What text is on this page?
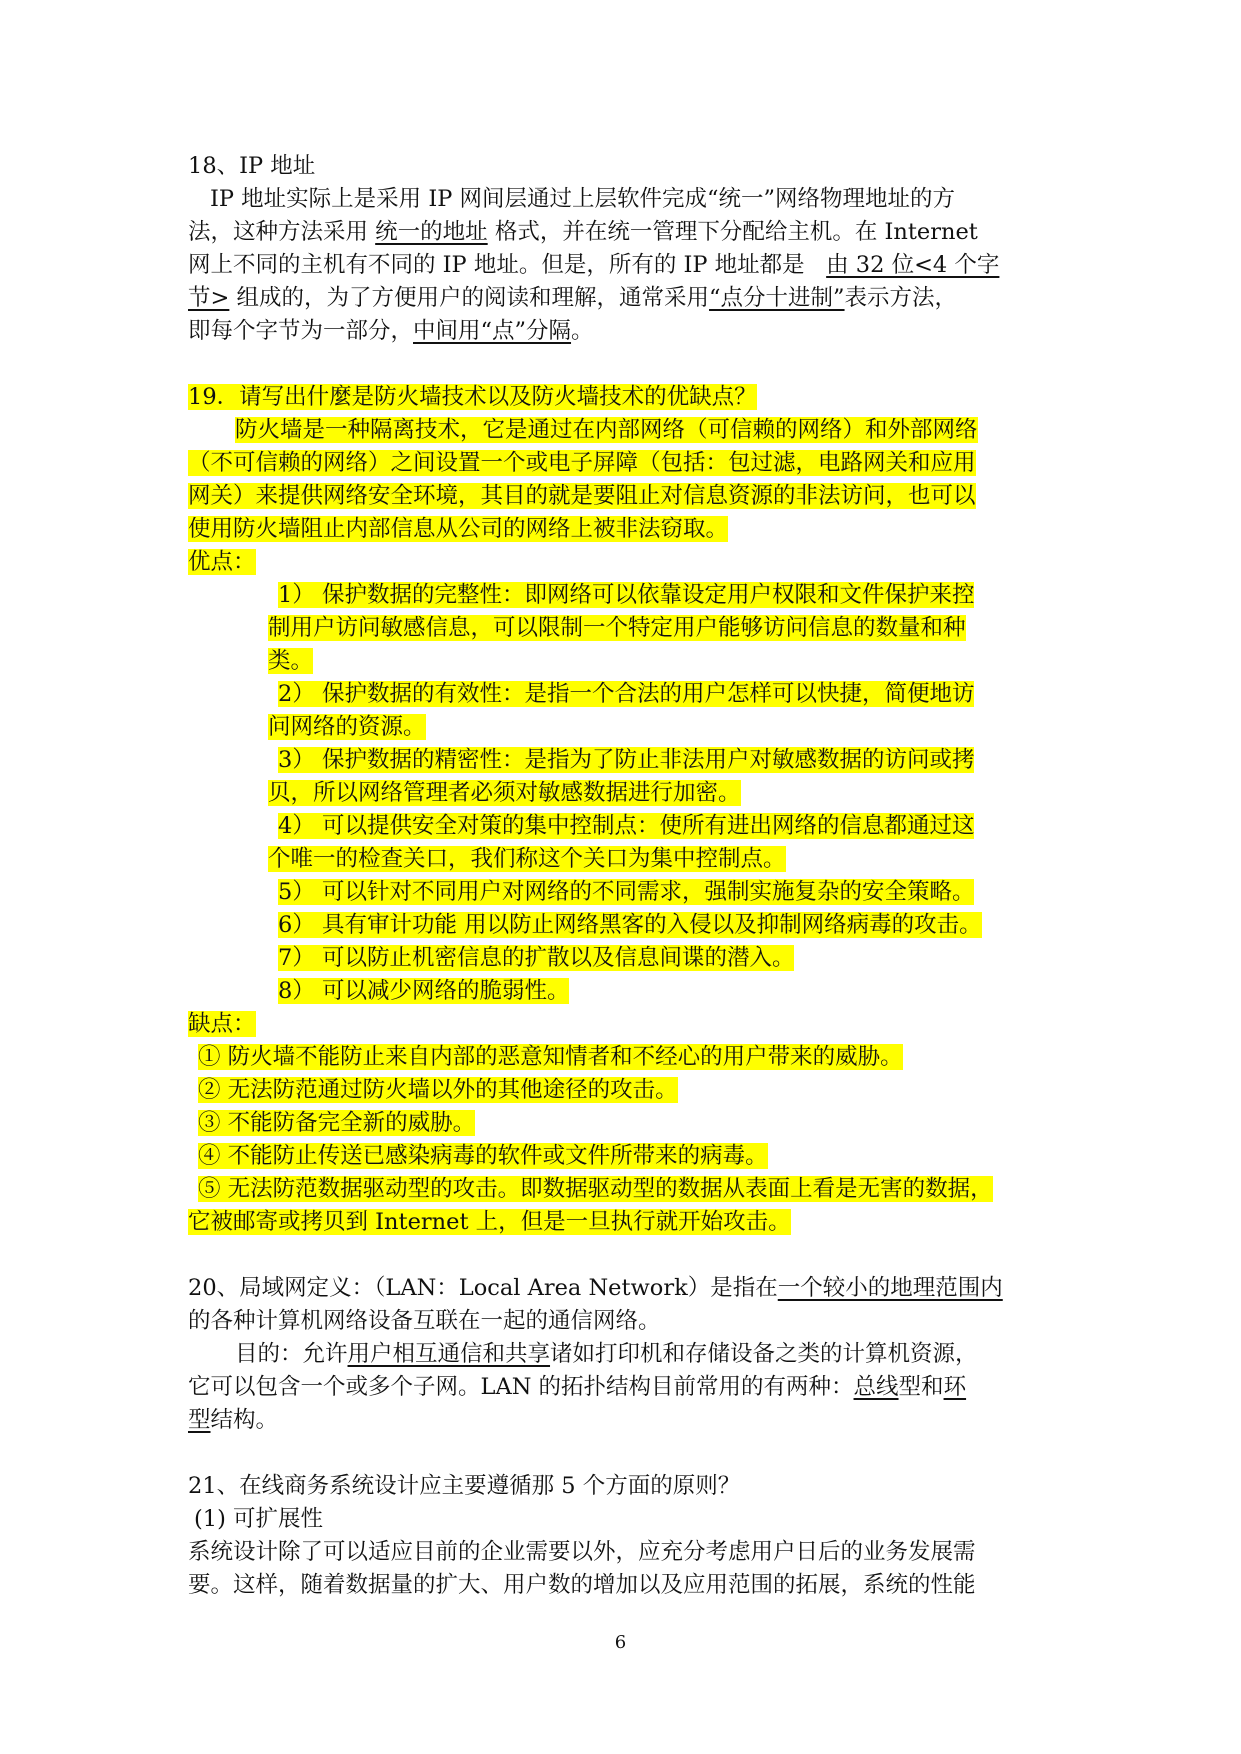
18、IP 地址
IP 地址实际上是采用 IP 网间层通过上层软件完成“统一”网络物理地址的方
法，这种方法采用 统一的地址 格式，并在统一管理下分配给主机。在 Internet
网上不同的主机有不同的 IP 地址。但是，所有的 IP 地址都是 由 32 位<4 个字
节> 组成的，为了方便用户的阅读和理解，通常采用“点分十进制”表示方法，
即每个字节为一部分，中间用“点”分隔。
19．请写出什麼是防火墙技术以及防火墙技术的优缺点？
防火墙是一种隔离技术，它是通过在内部网络（可信赖的网络）和外部网络
（不可信赖的网络）之间设置一个或电子屏障（包括：包过滤，电路网关和应用
网关）来提供网络安全环境，其目的就是要阻止对信息资源的非法访问，也可以
使用防火墙阻止内部信息从公司的网络上被非法窃取。
优点：
1） 保护数据的完整性：即网络可以依靠设定用户权限和文件保护来控
制用户访问敏感信息，可以限制一个特定用户能够访问信息的数量和种
类。
2） 保护数据的有效性：是指一个合法的用户怎样可以快捷，简便地访
问网络的资源。
3） 保护数据的精密性：是指为了防止非法用户对敏感数据的访问或拷
贝，所以网络管理者必须对敏感数据进行加密。
4） 可以提供安全对策的集中控制点：使所有进出网络的信息都通过这
个唯一的检查关口，我们称这个关口为集中控制点。
5） 可以针对不同用户对网络的不同需求，强制实施复杂的安全策略。
6） 具有审计功能 用以防止网络黑客的入侵以及抑制网络病毒的攻击。
7） 可以防止机密信息的扩散以及信息间谍的潜入。
8） 可以减少网络的脆弱性。
缺点：
① 防火墙不能防止来自内部的恶意知情者和不经心的用户带来的威胁。
② 无法防范通过防火墙以外的其他途径的攻击。
③ 不能防备完全新的威胁。
④ 不能防止传送已感染病毒的软件或文件所带来的病毒。
⑤ 无法防范数据驱动型的攻击。即数据驱动型的数据从表面上看是无害的数据，
它被邮寄或拷贝到 Internet 上，但是一旦执行就开始攻击。
20、局域网定义：（LAN：Local Area Network）是指在一个较小的地理范围内
的各种计算机网络设备互联在一起的通信网络。
目的：允许用户相互通信和共享诸如打印机和存储设备之类的计算机资源，
它可以包含一个或多个子网。LAN 的拓扑结构目前常用的有两种：总线型和环
型结构。
21、在线商务系统设计应主要遵循那 5 个方面的原则？
(1) 可扩展性
系统设计除了可以适应目前的企业需要以外，应充分考虑用户日后的业务发展需
要。这样，随着数据量的扩大、用户数的增加以及应用范围的拓展，系统的性能
6
